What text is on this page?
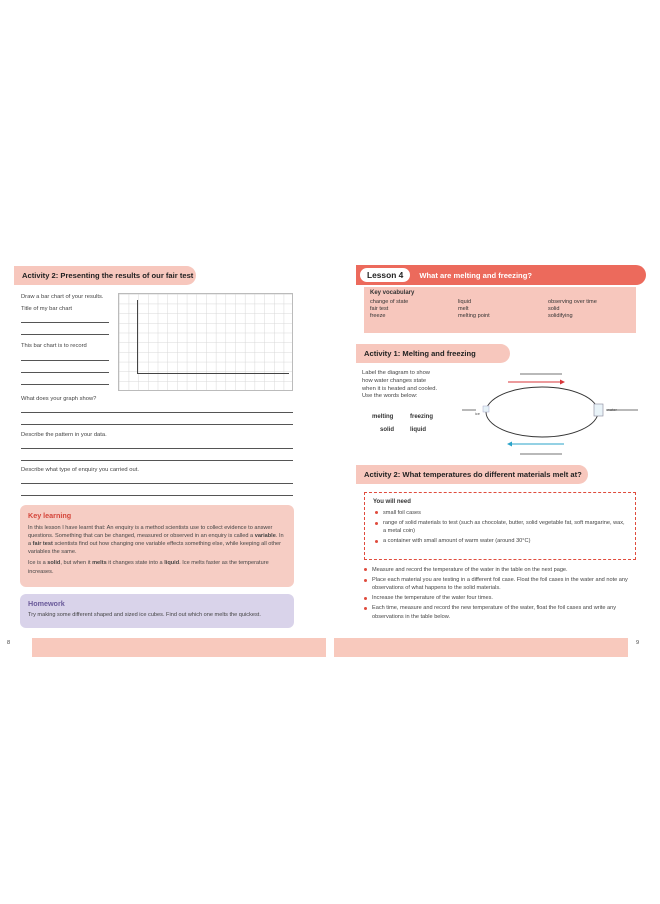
Activity 2: Presenting the results of our fair test
Draw a bar chart of your results.
Title of my bar chart
This bar chart is to record
What does your graph show?
Describe the pattern in your data.
Describe what type of enquiry you carried out.
Key learning

In this lesson I have learnt that: An enquiry is a method scientists use to collect evidence to answer questions. Something that can be changed, measured or observed in an enquiry is called a variable. In a fair test scientists find out how changing one variable effects something else, while keeping all other variables the same.

Ice is a solid, but when it melts it changes state into a liquid. Ice melts faster as the temperature increases.

Homework

Try making some different shaped and sized ice cubes. Find out which one melts the quickest.

8
Lesson 4	What are melting and freezing?
Key vocabulary
change of state	liquid	observing over time
fair test	melt	solid
freeze	melting point	solidifying
Activity 1: Melting and freezing
Label the diagram to show
how water changes state
when it is heated and cooled.
Use the words below:
melting	freezing
solid	liquid
ice
water
Activity 2: What temperatures do different materials melt at?
You will need
small foil cases
range of solid materials to test (such as chocolate, butter, solid vegetable fat, soft margarine, wax, a metal coin)
a container with small amount of warm water (around 30°C)
Measure and record the temperature of the water in the table on the next page.
Place each material you are testing in a different foil case. Float the foil cases in the water and note any observations of what happens to the solid materials.
Increase the temperature of the water four times.
Each time, measure and record the new temperature of the water, float the foil cases and write any observations in the table below.
9
